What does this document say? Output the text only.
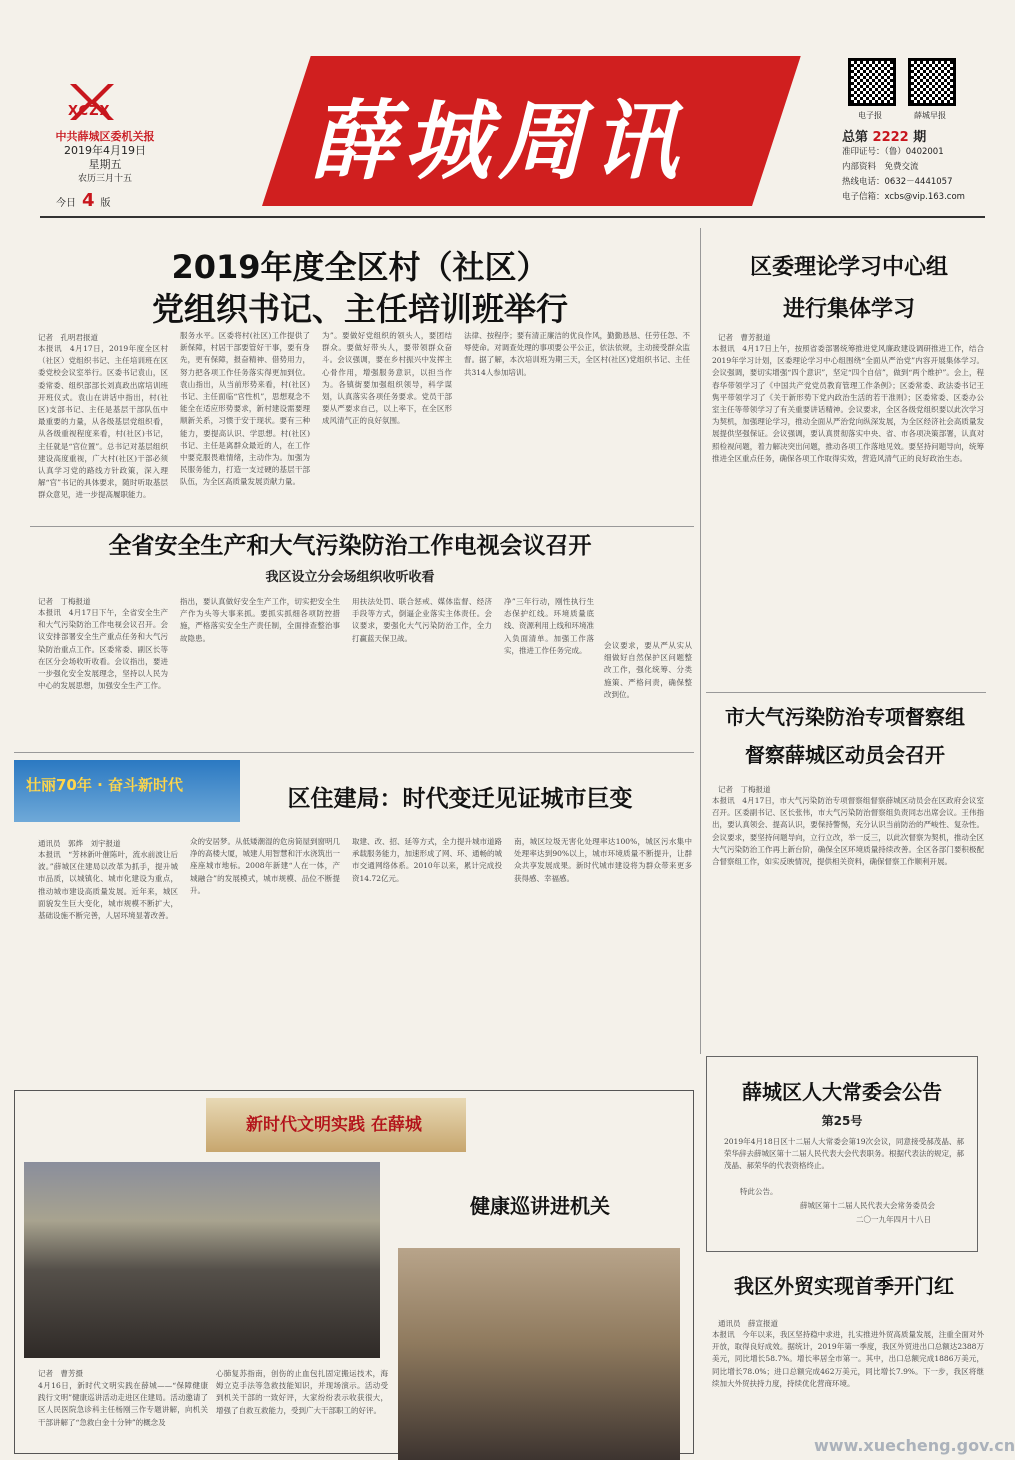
XCZX
中共薛城区委机关报
2019年4月19日
星期五
农历三月十五
今日 4 版
薛城周讯	电子报	薛城早报
总第 2222 期
准印证号：（鲁）0402001
内部资料　免费交流
热线电话：0632－4441057
电子信箱：xcbs@vip.163.com
2019年度全区村（社区）
党组织书记、主任培训班举行
记者　孔明君报道
本报讯　4月17日，2019年度全区村（社区）党组织书记、主任培训班在区委党校会议室举行。区委书记袁山，区委常委、组织部部长刘真政出席培训班开班仪式。袁山在讲话中指出，村(社区)支部书记、主任是基层干部队伍中最重要的力量，从各级基层党组织看，从各级重视程度来看，村(社区)书记，主任就是“官位置”。总书记对基层组织建设高度重视，广大村(社区)干部必须认真学习党的路线方针政策，深入理解“官”书记的具体要求，随时听取基层群众意见，进一步提高履职能力。
服务水平。区委将村(社区)工作提供了新保障，村居干部要管好干事，要有身先，更有保障，报奋精神、借势用力，努力把各项工作任务落实得更加到位。袁山指出，从当前形势来看，村(社区)书记、主任面临“官性机”，思想观念不能全在适应形势要求，新村建设需要理顺新关系，习惯于安于现状。要有三种能力，要提高认识、学思想。村(社区)书记、主任是离群众最近的人，在工作中要克服畏难情绪，主动作为。加强为民服务能力，打造一支过硬的基层干部队伍，为全区高质量发展贡献力量。
为”。要做好党组织的领头人，要团结群众。要做好带头人，要带领群众奋斗。会议强调，要在乡村振兴中发挥主心骨作用，增强服务意识，以担当作为。各镇街要加强组织领导，科学谋划，认真落实各项任务要求。党员干部要从严要求自己，以上率下，在全区形成风清气正的良好氛围。
法律、按程序；要有清正廉洁的优良作风，勤勤恳恳、任劳任怨、不辱使命。对调查处理的事项要公平公正，依法依规，主动接受群众监督。据了解，本次培训班为期三天，全区村(社区)党组织书记、主任共314人参加培训。
区委理论学习中心组
进行集体学习
记者　曹芳报道
本报讯　4月17日上午，按照省委部署统筹推进党风廉政建设调研推进工作，结合2019年学习计划，区委理论学习中心组围绕“全面从严治党”内容开展集体学习。会议强调，要切实增强“四个意识”，坚定“四个自信”，做到“两个维护”。会上，程春华带领学习了《中国共产党党员教育管理工作条例》；区委常委、政法委书记王隽平带领学习了《关于新形势下党内政治生活的若干准则》；区委常委、区委办公室主任等带领学习了有关重要讲话精神。会议要求，全区各级党组织要以此次学习为契机，加强理论学习，推动全面从严治党向纵深发展，为全区经济社会高质量发展提供坚强保证。会议强调，要认真贯彻落实中央、省、市各项决策部署，认真对照检视问题，着力解决突出问题，推动各项工作落地见效。要坚持问题导向，统筹推进全区重点任务，确保各项工作取得实效，营造风清气正的良好政治生态。
全省安全生产和大气污染防治工作电视会议召开
我区设立分会场组织收听收看
记者　丁梅报道
本报讯　4月17日下午，全省安全生产和大气污染防治工作电视会议召开。会议安排部署安全生产重点任务和大气污染防治重点工作。区委常委、副区长等在区分会场收听收看。会议指出，要进一步强化安全发展理念，坚持以人民为中心的发展思想，加强安全生产工作。
指出，要认真做好安全生产工作，切实把安全生产作为头等大事来抓。要抓实抓细各项防控措施，严格落实安全生产责任制，全面排查整治事故隐患。
用扶法处罚、联合惩戒、媒体监督、经济手段等方式，倒逼企业落实主体责任。会议要求，要强化大气污染防治工作，全力打赢蓝天保卫战。
净”三年行动，刚性执行生态保护红线。环境质量底线、资源利用上线和环境准入负面清单。加强工作落实，推进工作任务完成。
会议要求，要从严从实从细做好自然保护区问题整改工作，强化统筹、分类施策、严格问责，确保整改到位。
市大气污染防治专项督察组
督察薛城区动员会召开
记者　丁梅报道
本报讯　4月17日，市大气污染防治专项督察组督察薛城区动员会在区政府会议室召开。区委副书记、区长张伟，市大气污染防治督察组负责同志出席会议。王伟指出，要认真领会、提高认识，要保持警惕，充分认识当前防治的严峻性、复杂性。会议要求，要坚持问题导向，立行立改，举一反三，以此次督察为契机，推动全区大气污染防治工作再上新台阶，确保全区环境质量持续改善。全区各部门要积极配合督察组工作，如实反映情况，提供相关资料，确保督察工作顺利开展。
壮丽70年 · 奋斗新时代
区住建局：时代变迁见证城市巨变
通讯员　郭烨　刘宇报道
本报讯　“芳林新叶催陈叶，流水前波让后波。”薛城区住建局以改革为抓手，提升城市品质，以城镇化、城市化建设为重点，推动城市建设高质量发展。近年来，城区面貌发生巨大变化，城市规模不断扩大，基础设施不断完善，人居环境显著改善。
众的安居梦。从低矮潮湿的危房简屋到窗明几净的高楼大厦，城建人用智慧和汗水浇筑出一座座城市地标。2008年新建“人在一体，产城融合”的发展模式，城市规模、品位不断提升。
取建、改、招、延等方式，全力提升城市道路承载服务能力，加速形成了网、环、通畅的城市交通网络体系。2010年以来，累计完成投资14.72亿元。
南，城区垃圾无害化处理率达100%，城区污水集中处理率达到90%以上，城市环境质量不断提升，让群众共享发展成果。新时代城市建设将为群众带来更多获得感、幸福感。
新时代文明实践 在薛城
健康巡讲进机关
记者　曹芳摄
4月16日，新时代文明实践在薛城——“保障健康　践行文明”健康巡讲活动走进区住建局。活动邀请了区人民医院急诊科主任杨刚三作专题讲解，向机关干部讲解了“急救白金十分钟”的概念及
心肺复苏指南，创伤的止血包扎固定搬运技术，海姆立克手法等急救技能知识，并现场演示。活动受到机关干部的一致好评，大家纷纷表示收获很大，增强了自救互救能力，受到广大干部职工的好评。
薛城区人大常委会公告
第25号
2019年4月18日区十二届人大常委会第19次会议，同意接受郝茂晶、郝荣华辞去薛城区第十二届人民代表大会代表职务。根据代表法的规定，郝茂晶、郝荣华的代表资格终止。
特此公告。
薛城区第十二届人民代表大会常务委员会
二〇一九年四月十八日
我区外贸实现首季开门红
通讯员　薛宣报道
本报讯　今年以来，我区坚持稳中求进，扎实推进外贸高质量发展，注重全面对外开放，取得良好成效。据统计，2019年第一季度，我区外贸进出口总额达2388万美元，同比增长58.7%。增长率居全市第一。其中，出口总额完成1886万美元，同比增长78.0%；进口总额完成462万美元，同比增长7.9%。下一步，我区将继续加大外贸扶持力度，持续优化营商环境。
www.xuecheng.gov.cn
